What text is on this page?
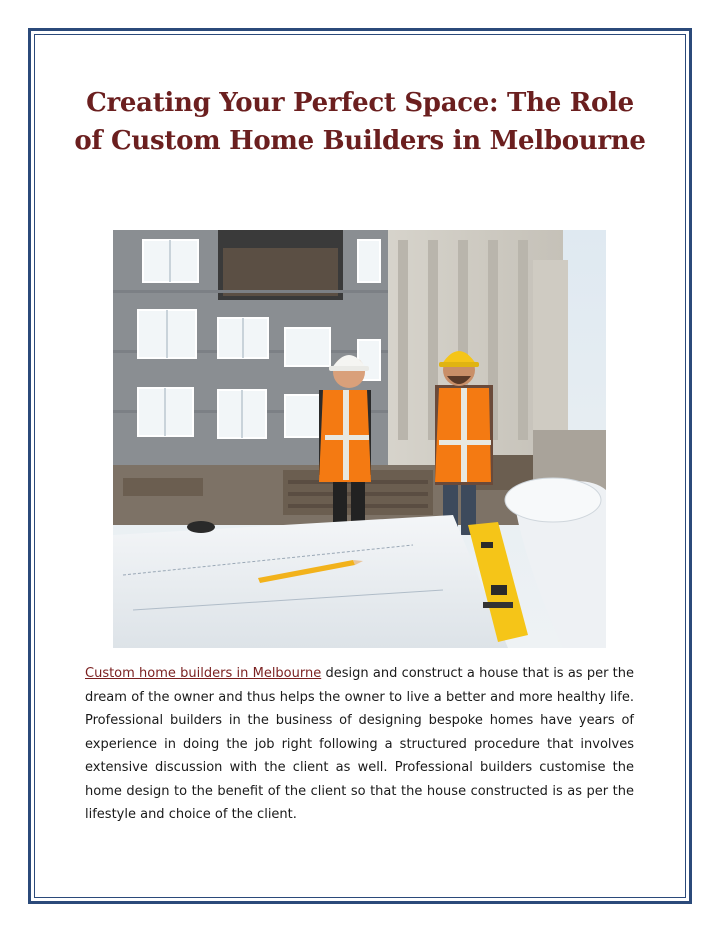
Creating Your Perfect Space: The Role of Custom Home Builders in Melbourne

Custom home builders in Melbourne design and construct a house that is as per the dream of the owner and thus helps the owner to live a better and more healthy life. Professional builders in the business of designing bespoke homes have years of experience in doing the job right following a structured procedure that involves extensive discussion with the client as well. Professional builders customise the home design to the benefit of the client so that the house constructed is as per the lifestyle and choice of the client.
